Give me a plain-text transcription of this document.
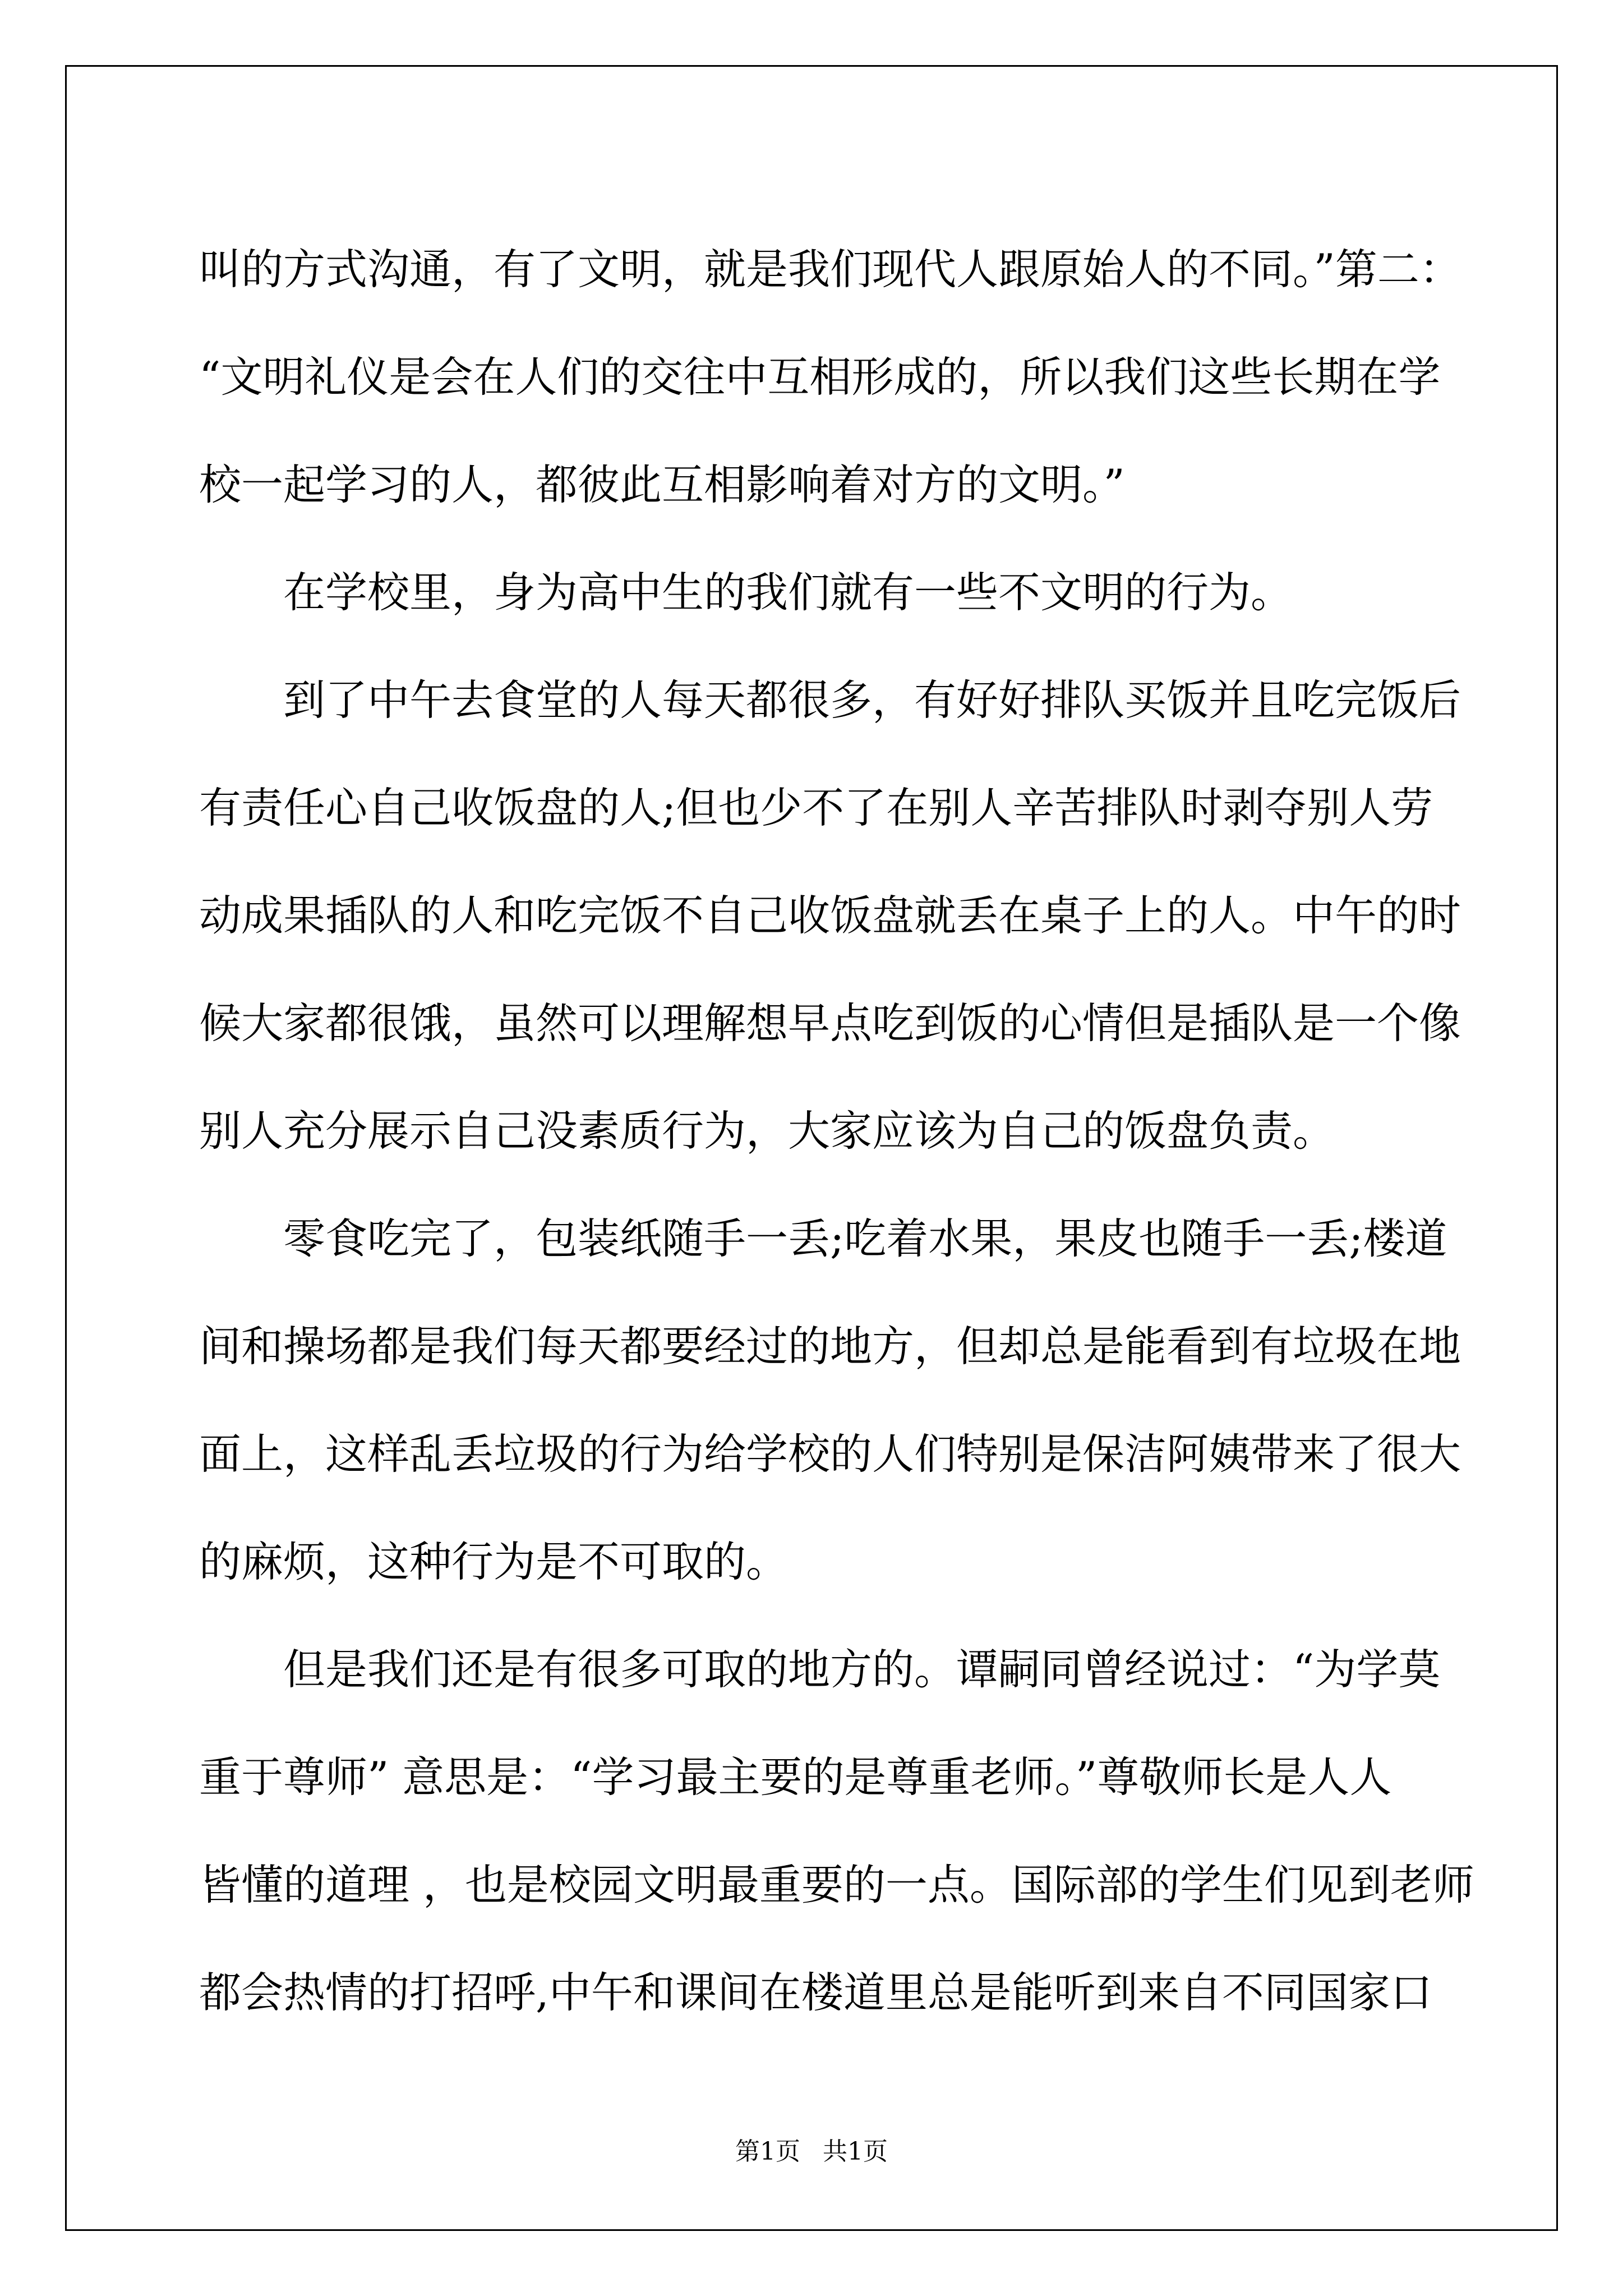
叫的方式沟通，有了文明，就是我们现代人跟原始人的不同。”第二：
“文明礼仪是会在人们的交往中互相形成的，所以我们这些长期在学
校一起学习的人，都彼此互相影响着对方的文明。”
在学校里，身为高中生的我们就有一些不文明的行为。
到了中午去食堂的人每天都很多，有好好排队买饭并且吃完饭后
有责任心自己收饭盘的人;但也少不了在别人辛苦排队时剥夺别人劳
动成果插队的人和吃完饭不自己收饭盘就丢在桌子上的人。中午的时
候大家都很饿，虽然可以理解想早点吃到饭的心情但是插队是一个像
别人充分展示自己没素质行为，大家应该为自己的饭盘负责。
零食吃完了，包装纸随手一丢;吃着水果，果皮也随手一丢;楼道
间和操场都是我们每天都要经过的地方，但却总是能看到有垃圾在地
面上，这样乱丢垃圾的行为给学校的人们特别是保洁阿姨带来了很大
的麻烦，这种行为是不可取的。
但是我们还是有很多可取的地方的。谭嗣同曾经说过：“为学莫
重于尊师” 意思是：“学习最主要的是尊重老师。”尊敬师长是人人
皆懂的道理 ，也是校园文明最重要的一点。国际部的学生们见到老师
都会热情的打招呼,中午和课间在楼道里总是能听到来自不同国家口
第1页 共1页
